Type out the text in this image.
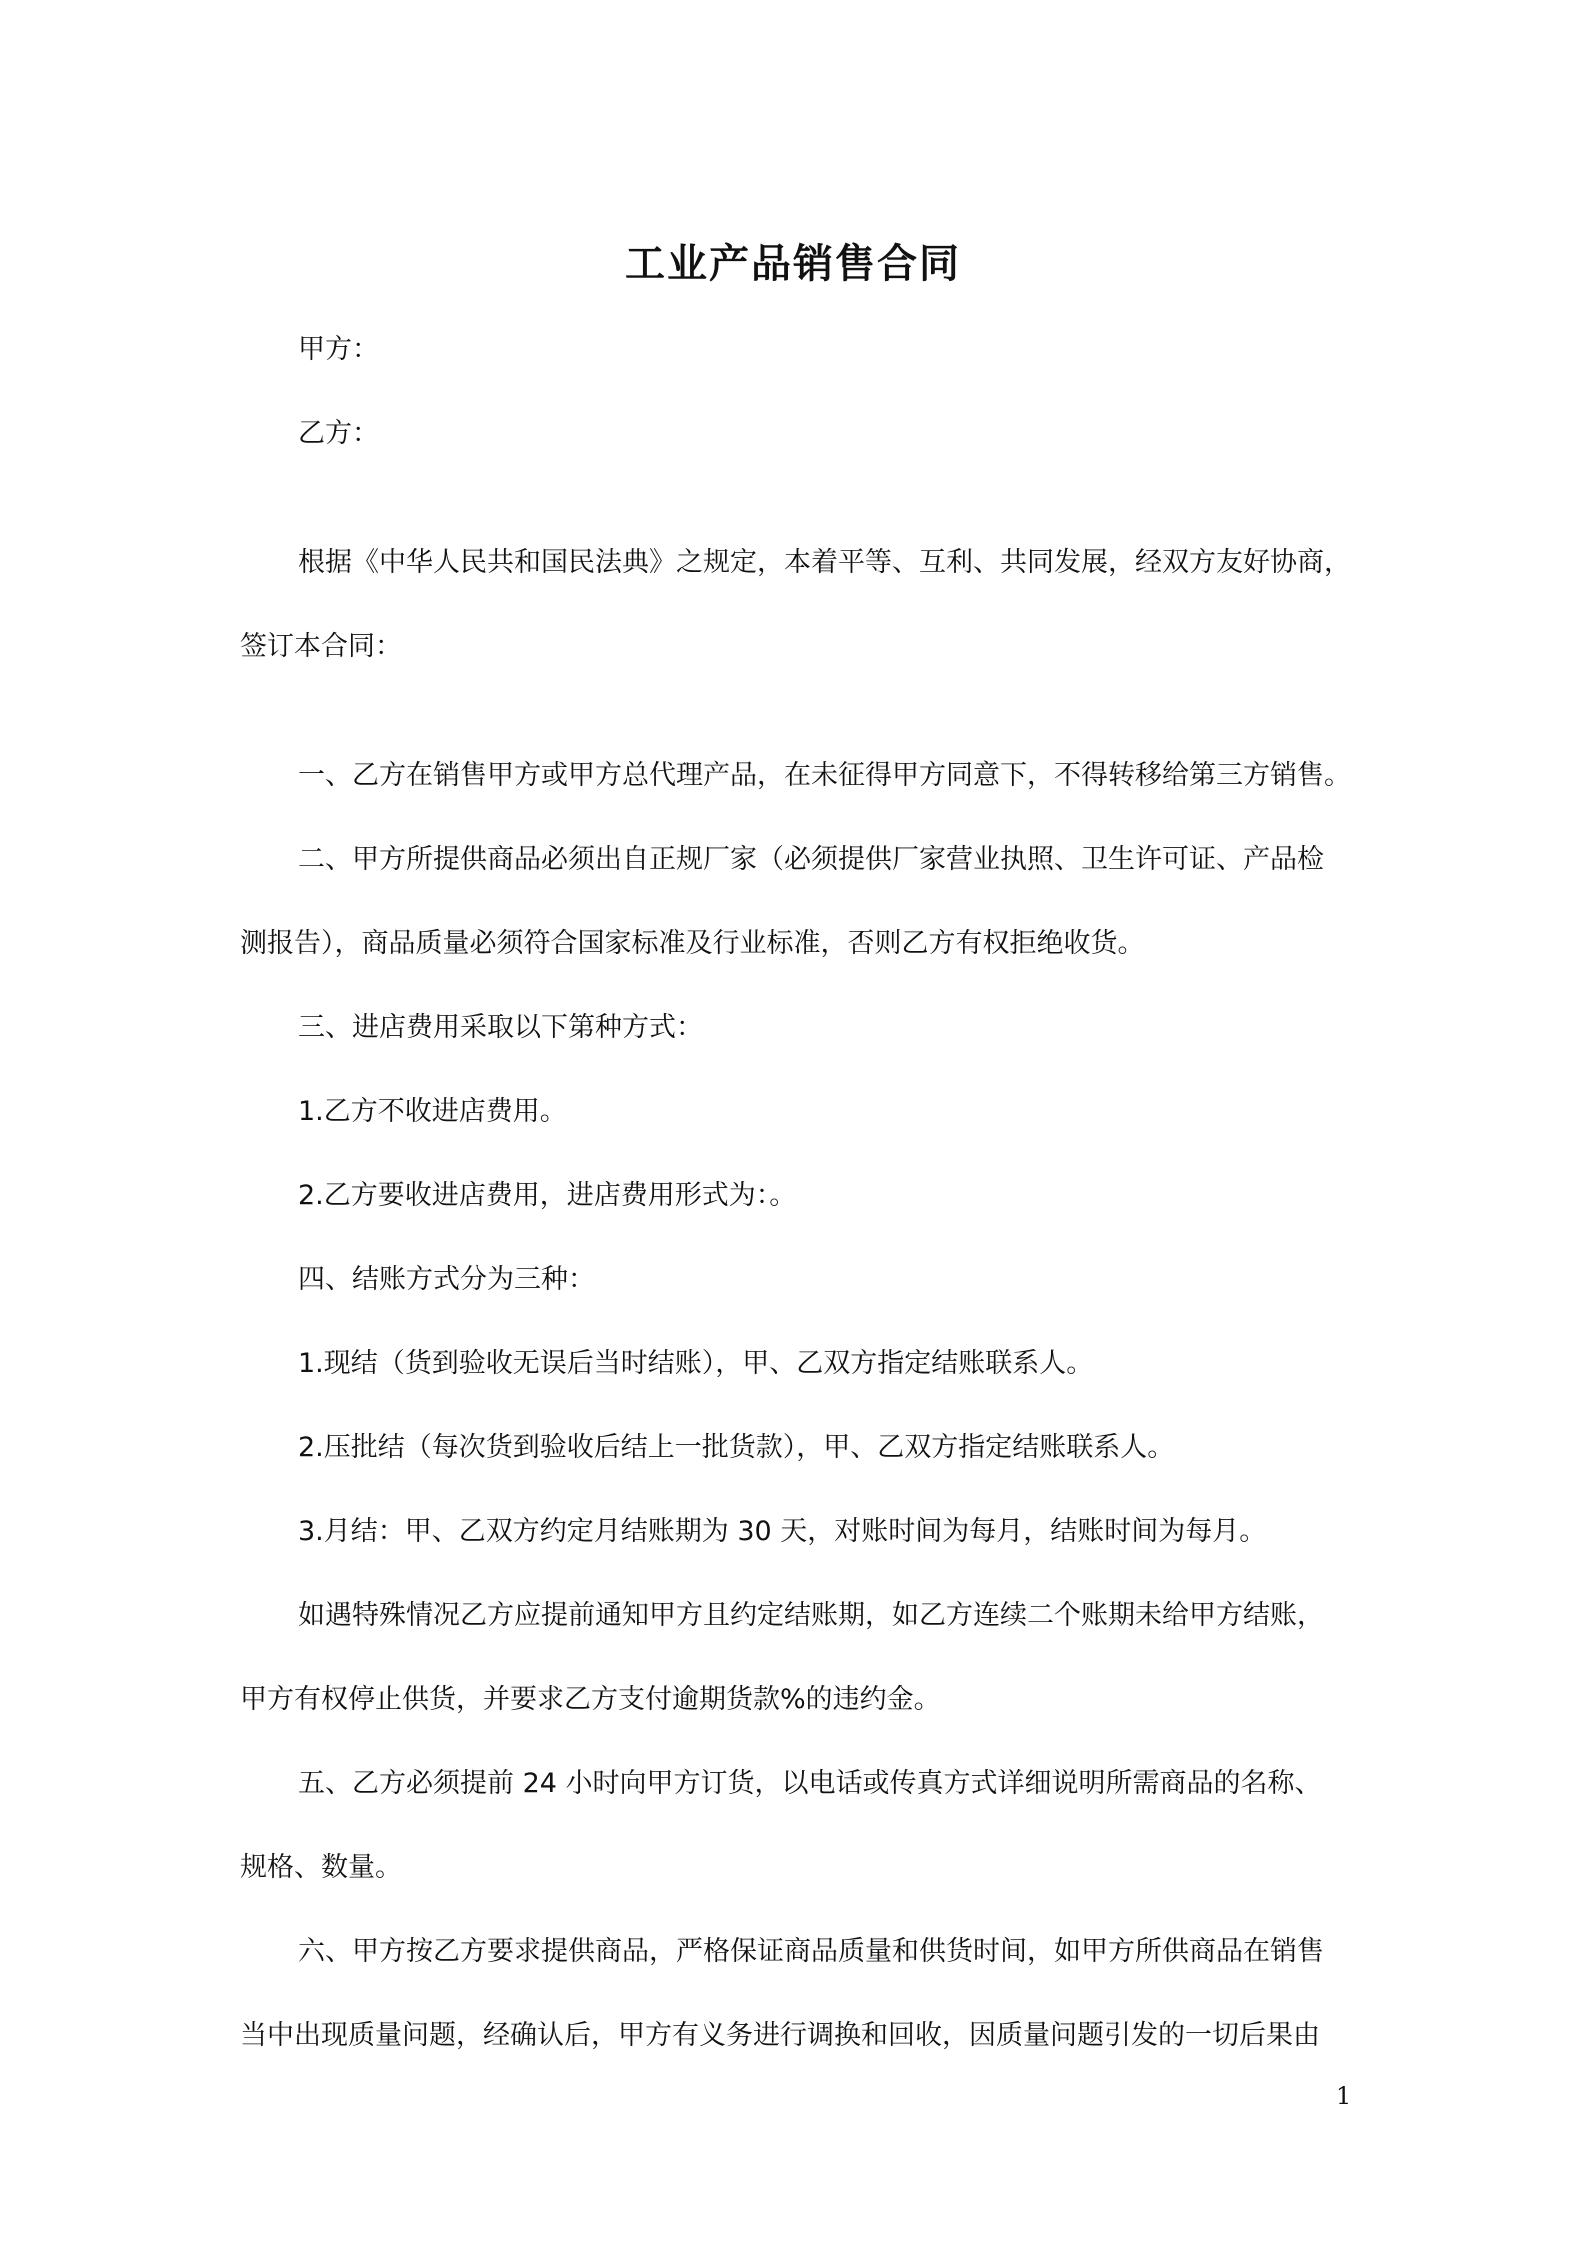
工业产品销售合同
甲方：
乙方：
根据《中华人民共和国民法典》之规定，本着平等、互利、共同发展，经双方友好协商，
签订本合同：
一、乙方在销售甲方或甲方总代理产品，在未征得甲方同意下，不得转移给第三方销售。
二、甲方所提供商品必须出自正规厂家（必须提供厂家营业执照、卫生许可证、产品检
测报告），商品质量必须符合国家标准及行业标准，否则乙方有权拒绝收货。
三、进店费用采取以下第种方式：
1.乙方不收进店费用。
2.乙方要收进店费用，进店费用形式为：。
四、结账方式分为三种：
1.现结（货到验收无误后当时结账），甲、乙双方指定结账联系人。
2.压批结（每次货到验收后结上一批货款），甲、乙双方指定结账联系人。
3.月结：甲、乙双方约定月结账期为 30 天，对账时间为每月，结账时间为每月。
如遇特殊情况乙方应提前通知甲方且约定结账期，如乙方连续二个账期未给甲方结账，
甲方有权停止供货，并要求乙方支付逾期货款%的违约金。
五、乙方必须提前 24 小时向甲方订货，以电话或传真方式详细说明所需商品的名称、
规格、数量。
六、甲方按乙方要求提供商品，严格保证商品质量和供货时间，如甲方所供商品在销售
当中出现质量问题，经确认后，甲方有义务进行调换和回收，因质量问题引发的一切后果由
1
